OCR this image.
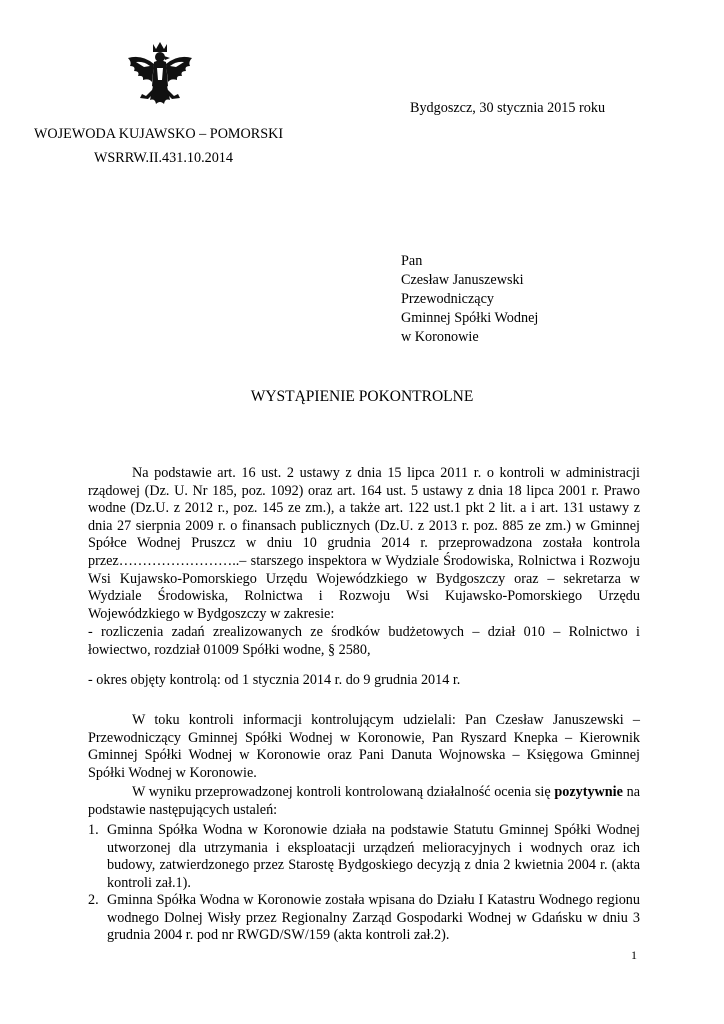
Bydgoszcz, 30 stycznia 2015 roku
WOJEWODA KUJAWSKO – POMORSKI
WSRRW.II.431.10.2014
Pan
Czesław Januszewski
Przewodniczący
Gminnej Spółki Wodnej
w Koronowie
WYSTĄPIENIE POKONTROLNE
Na podstawie art. 16 ust. 2 ustawy z dnia 15 lipca 2011 r. o kontroli w administracji rządowej (Dz. U. Nr 185, poz. 1092) oraz art. 164 ust. 5 ustawy z dnia 18 lipca 2001 r. Prawo wodne (Dz.U. z 2012 r., poz. 145 ze zm.), a także art. 122 ust.1 pkt 2 lit. a i art. 131 ustawy z dnia 27 sierpnia 2009 r. o finansach publicznych (Dz.U. z 2013 r. poz. 885 ze zm.) w Gminnej Spółce Wodnej Pruszcz w dniu 10 grudnia 2014 r. przeprowadzona została kontrola przez……………………..– starszego inspektora w Wydziale Środowiska, Rolnictwa i Rozwoju Wsi Kujawsko-Pomorskiego Urzędu Wojewódzkiego w Bydgoszczy oraz – sekretarza w Wydziale Środowiska, Rolnictwa i Rozwoju Wsi Kujawsko-Pomorskiego Urzędu Wojewódzkiego w Bydgoszczy w zakresie:
- rozliczenia zadań zrealizowanych ze środków budżetowych – dział 010 – Rolnictwo i łowiectwo, rozdział 01009 Spółki wodne, § 2580,
- okres objęty kontrolą: od 1 stycznia 2014 r. do 9 grudnia 2014 r.
W toku kontroli informacji kontrolującym udzielali: Pan Czesław Januszewski – Przewodniczący Gminnej Spółki Wodnej w Koronowie, Pan Ryszard Knepka – Kierownik Gminnej Spółki Wodnej w Koronowie oraz Pani Danuta Wojnowska – Księgowa Gminnej Spółki Wodnej w Koronowie.
W wyniku przeprowadzonej kontroli kontrolowaną działalność ocenia się pozytywnie na podstawie następujących ustaleń:
1. Gminna Spółka Wodna w Koronowie działa na podstawie Statutu Gminnej Spółki Wodnej utworzonej dla utrzymania i eksploatacji urządzeń melioracyjnych i wodnych oraz ich budowy, zatwierdzonego przez Starostę Bydgoskiego decyzją z dnia 2 kwietnia 2004 r. (akta kontroli zał.1).
2. Gminna Spółka Wodna w Koronowie została wpisana do Działu I Katastru Wodnego regionu wodnego Dolnej Wisły przez Regionalny Zarząd Gospodarki Wodnej w Gdańsku w dniu 3 grudnia 2004 r. pod nr RWGD/SW/159 (akta kontroli zał.2).
1
